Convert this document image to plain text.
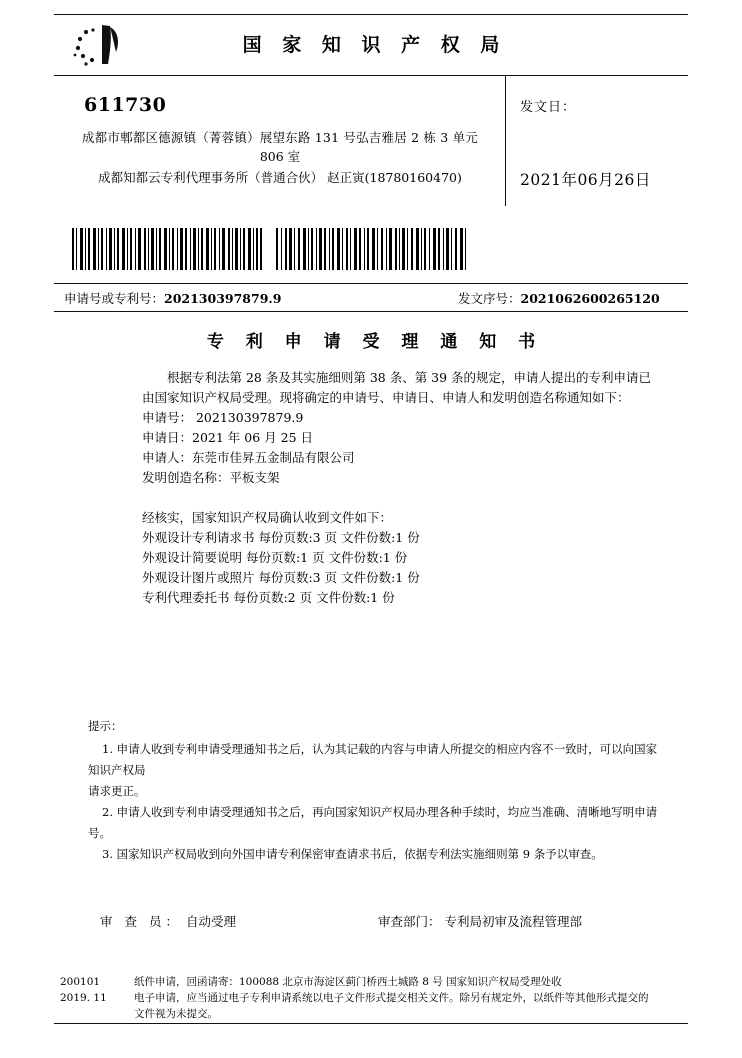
国 家 知 识 产 权 局
611730
成都市郫都区德源镇（菁蓉镇）展望东路 131 号弘吉雅居 2 栋 3 单元
806 室
成都知都云专利代理事务所（普通合伙） 赵正寅(18780160470)
发文日：
2021年06月26日
申请号或专利号：202130397879.9	发文序号：2021062600265120
专 利 申 请 受 理 通 知 书
根据专利法第 28 条及其实施细则第 38 条、第 39 条的规定，申请人提出的专利申请已由国家知识产权局受理。现将确定的申请号、申请日、申请人和发明创造名称通知如下：
申请号： 202130397879.9
申请日：2021 年 06 月 25 日
申请人：东莞市佳昇五金制品有限公司
发明创造名称：平板支架
经核实，国家知识产权局确认收到文件如下：
外观设计专利请求书 每份页数:3 页 文件份数:1 份
外观设计简要说明 每份页数:1 页 文件份数:1 份
外观设计图片或照片 每份页数:3 页 文件份数:1 份
专利代理委托书 每份页数:2 页 文件份数:1 份
提示：
1. 申请人收到专利申请受理通知书之后，认为其记载的内容与申请人所提交的相应内容不一致时，可以向国家知识产权局
请求更正。
2. 申请人收到专利申请受理通知书之后，再向国家知识产权局办理各种手续时，均应当准确、清晰地写明申请号。
3. 国家知识产权局收到向外国申请专利保密审查请求书后，依据专利法实施细则第 9 条予以审查。
审 查 员： 自动受理	审查部门： 专利局初审及流程管理部
200101
2019. 11
纸件申请，回函请寄：100088 北京市海淀区蓟门桥西土城路 8 号 国家知识产权局受理处收
电子申请，应当通过电子专利申请系统以电子文件形式提交相关文件。除另有规定外，以纸件等其他形式提交的
文件视为未提交。
